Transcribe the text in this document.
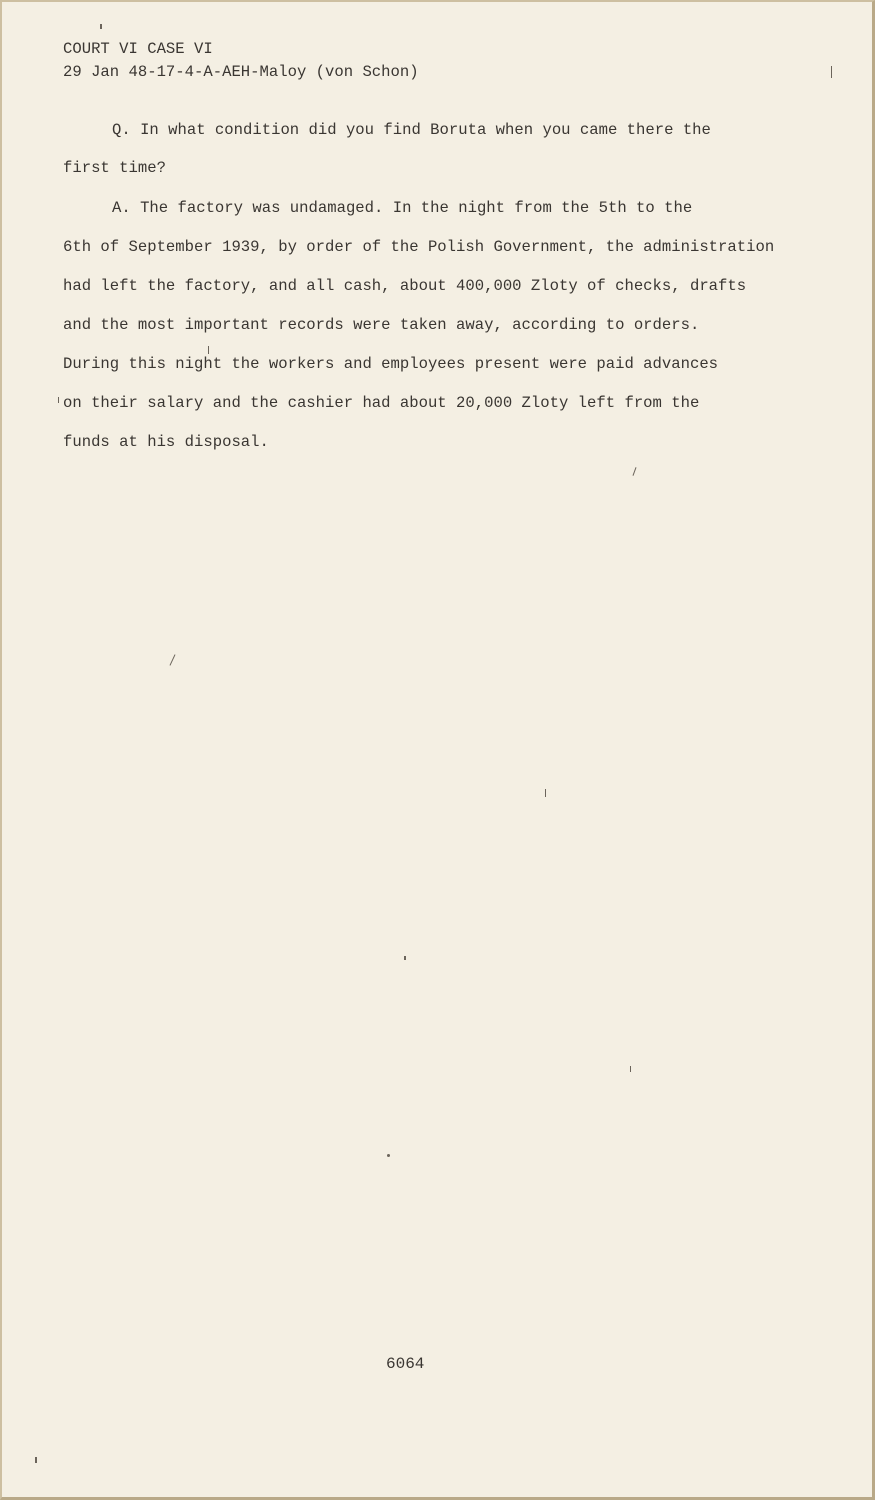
COURT VI CASE VI
29 Jan 48-17-4-A-AEH-Maloy (von Schon)
Q. In what condition did you find Boruta when you came there the
first time?
A. The factory was undamaged. In the night from the 5th to the
6th of September 1939, by order of the Polish Government, the administration
had left the factory, and all cash, about 400,000 Zloty of checks, drafts
and the most important records were taken away, according to orders.
During this night the workers and employees present were paid advances
on their salary and the cashier had about 20,000 Zloty left from the
funds at his disposal.
6064
